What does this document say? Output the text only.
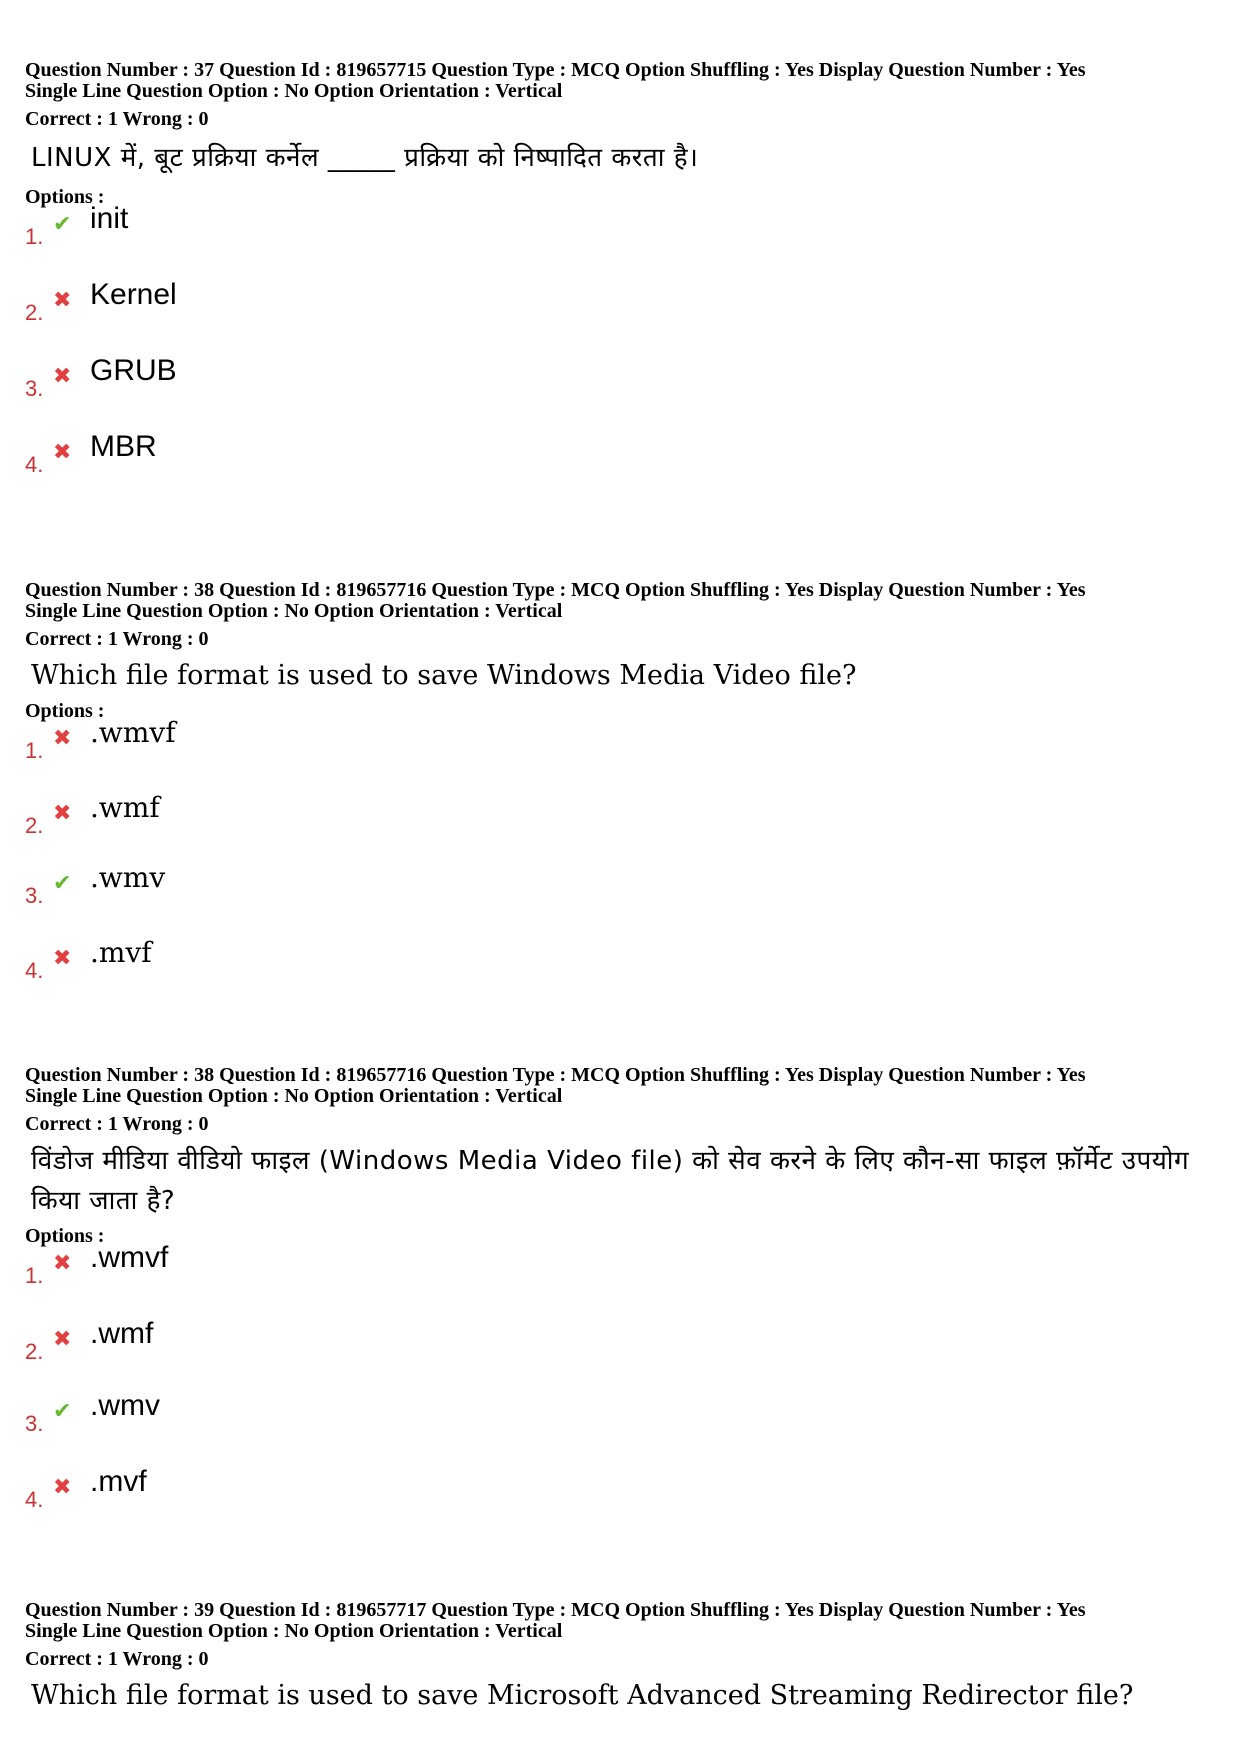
Question Number : 37 Question Id : 819657715 Question Type : MCQ Option Shuffling : Yes Display Question Number : Yes
Single Line Question Option : No Option Orientation : Vertical
Correct : 1 Wrong : 0
LINUX में, बूट प्रक्रिया कर्नेल _____ प्रक्रिया को निष्पादित करता है।
Options :
1. ✔ init
2. ✖ Kernel
3. ✖ GRUB
4. ✖ MBR
Question Number : 38 Question Id : 819657716 Question Type : MCQ Option Shuffling : Yes Display Question Number : Yes
Single Line Question Option : No Option Orientation : Vertical
Correct : 1 Wrong : 0
Which file format is used to save Windows Media Video file?
Options :
1. ✖ .wmvf
2. ✖ .wmf
3. ✔ .wmv
4. ✖ .mvf
Question Number : 38 Question Id : 819657716 Question Type : MCQ Option Shuffling : Yes Display Question Number : Yes
Single Line Question Option : No Option Orientation : Vertical
Correct : 1 Wrong : 0
विंडोज मीडिया वीडियो फाइल (Windows Media Video file) को सेव करने के लिए कौन-सा फाइल फ़ॉर्मेट उपयोग किया जाता है?
Options :
1. ✖ .wmvf
2. ✖ .wmf
3. ✔ .wmv
4. ✖ .mvf
Question Number : 39 Question Id : 819657717 Question Type : MCQ Option Shuffling : Yes Display Question Number : Yes
Single Line Question Option : No Option Orientation : Vertical
Correct : 1 Wrong : 0
Which file format is used to save Microsoft Advanced Streaming Redirector file?
